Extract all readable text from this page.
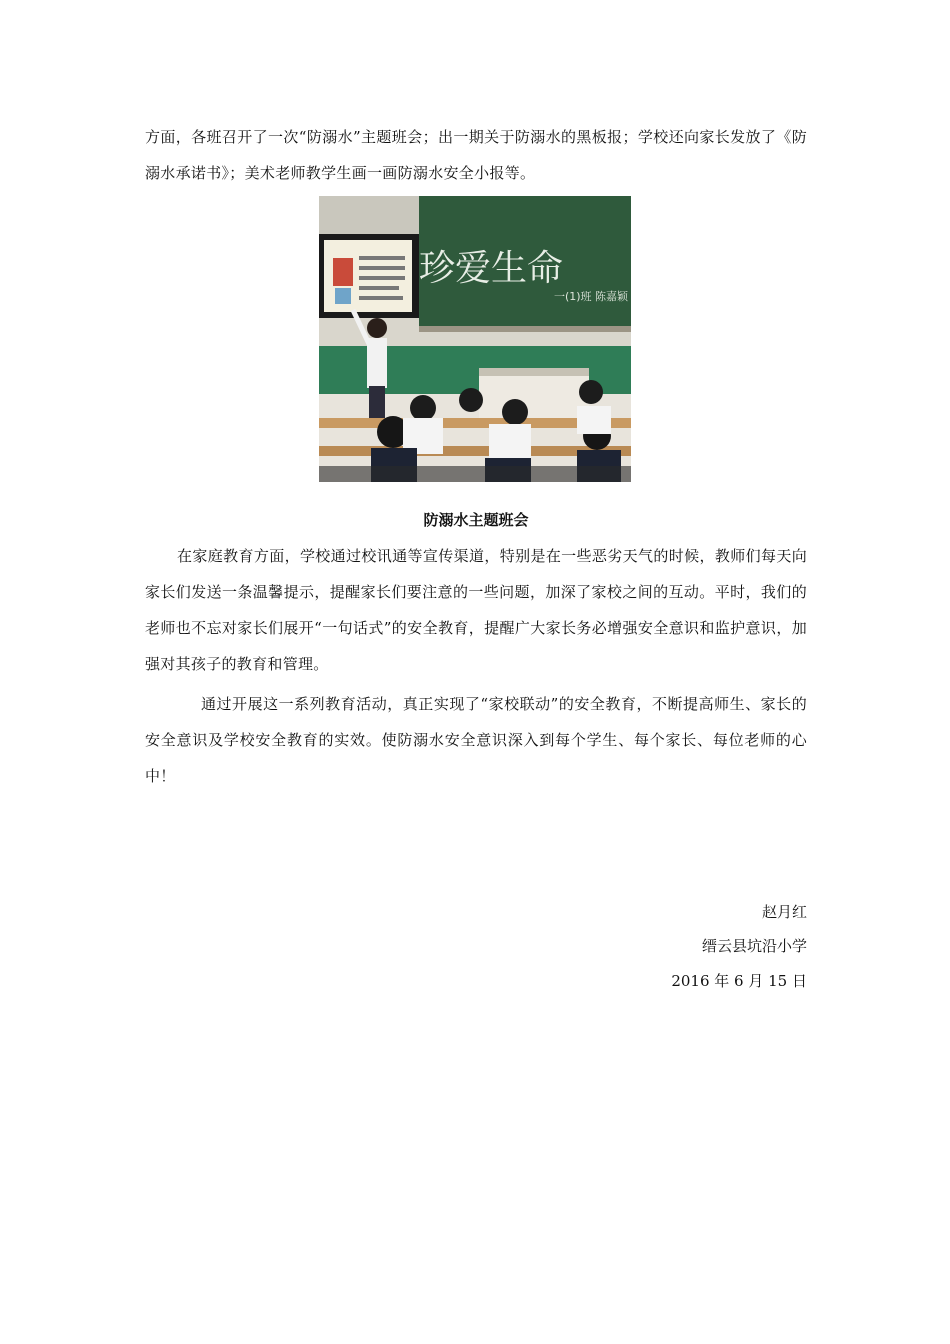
方面，各班召开了一次“防溺水”主题班会；出一期关于防溺水的黑板报；学校还向家长发放了《防溺水承诺书》；美术老师教学生画一画防溺水安全小报等。

珍爱生命
一(1)班 陈嘉颖
防溺水主题班会

在家庭教育方面，学校通过校讯通等宣传渠道，特别是在一些恶劣天气的时候，教师们每天向家长们发送一条温馨提示，提醒家长们要注意的一些问题，加深了家校之间的互动。平时，我们的老师也不忘对家长们展开“一句话式”的安全教育，提醒广大家长务必增强安全意识和监护意识，加强对其孩子的教育和管理。

通过开展这一系列教育活动，真正实现了“家校联动”的安全教育，不断提高师生、家长的安全意识及学校安全教育的实效。使防溺水安全意识深入到每个学生、每个家长、每位老师的心中！

赵月红
缙云县坑沿小学
2016 年 6 月 15 日
